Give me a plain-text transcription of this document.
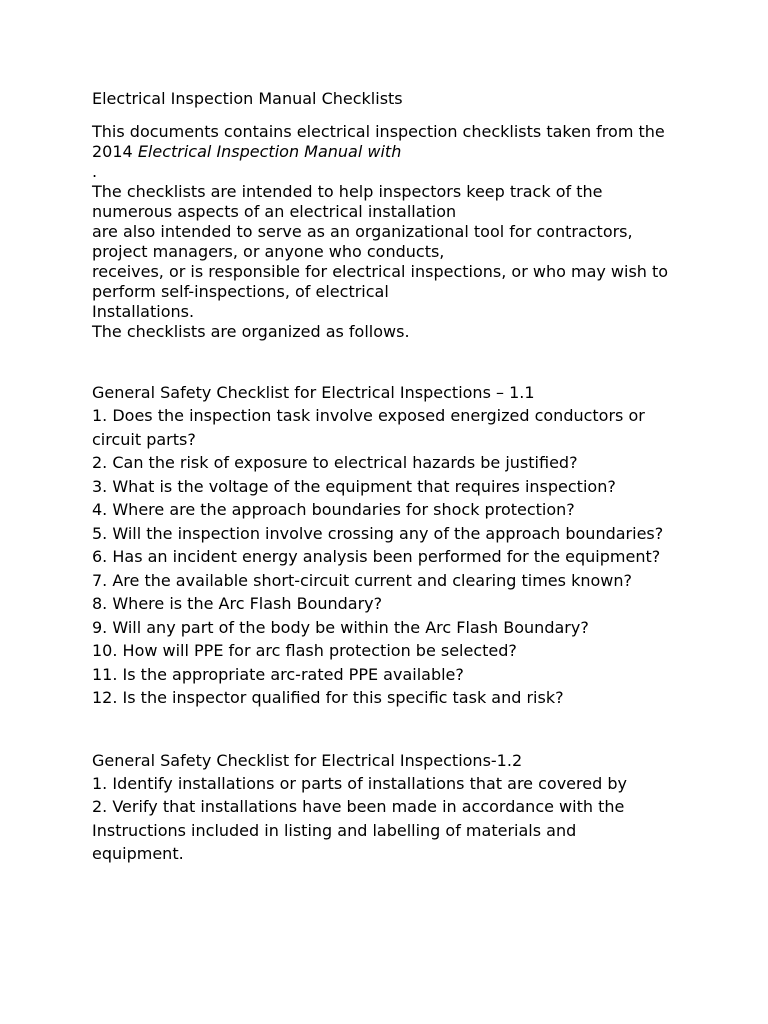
Electrical Inspection Manual Checklists

This documents contains electrical inspection checklists taken from the

2014 Electrical Inspection Manual with

.

The checklists are intended to help inspectors keep track of the

numerous aspects of an electrical installation

are also intended to serve as an organizational tool for contractors,

project managers, or anyone who conducts,

receives, or is responsible for electrical inspections, or who may wish to

perform self-inspections, of electrical

Installations.

The checklists are organized as follows.

General Safety Checklist for Electrical Inspections – 1.1
1. Does the inspection task involve exposed energized conductors or
circuit parts?
2. Can the risk of exposure to electrical hazards be justified?
3. What is the voltage of the equipment that requires inspection?
4. Where are the approach boundaries for shock protection?
5. Will the inspection involve crossing any of the approach boundaries?
6. Has an incident energy analysis been performed for the equipment?
7. Are the available short-circuit current and clearing times known?
8. Where is the Arc Flash Boundary?
9. Will any part of the body be within the Arc Flash Boundary?
10. How will PPE for arc flash protection be selected?
11. Is the appropriate arc-rated PPE available?
12. Is the inspector qualified for this specific task and risk?
General Safety Checklist for Electrical Inspections-1.2
1. Identify installations or parts of installations that are covered by
2. Verify that installations have been made in accordance with the
Instructions included in listing and labelling of materials and
equipment.
